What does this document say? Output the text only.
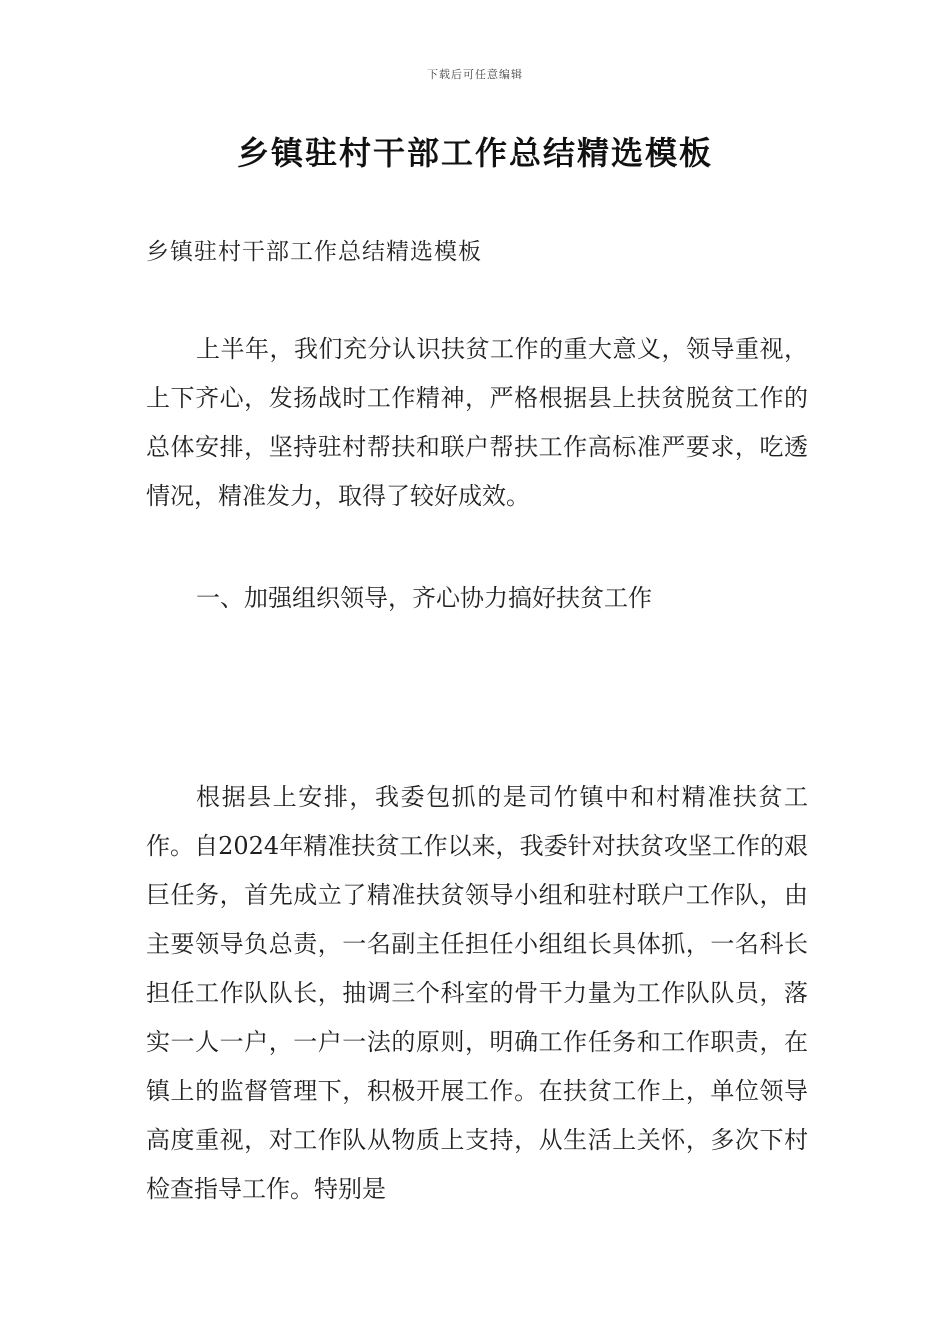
下载后可任意编辑
乡镇驻村干部工作总结精选模板
乡镇驻村干部工作总结精选模板
上半年，我们充分认识扶贫工作的重大意义，领导重视，上下齐心，发扬战时工作精神，严格根据县上扶贫脱贫工作的总体安排，坚持驻村帮扶和联户帮扶工作高标准严要求，吃透情况，精准发力，取得了较好成效。
一、加强组织领导，齐心协力搞好扶贫工作
根据县上安排，我委包抓的是司竹镇中和村精准扶贫工作。自2024年精准扶贫工作以来，我委针对扶贫攻坚工作的艰巨任务，首先成立了精准扶贫领导小组和驻村联户工作队，由主要领导负总责，一名副主任担任小组组长具体抓，一名科长担任工作队队长，抽调三个科室的骨干力量为工作队队员，落实一人一户，一户一法的原则，明确工作任务和工作职责，在镇上的监督管理下，积极开展工作。在扶贫工作上，单位领导高度重视，对工作队从物质上支持，从生活上关怀，多次下村检查指导工作。特别是
